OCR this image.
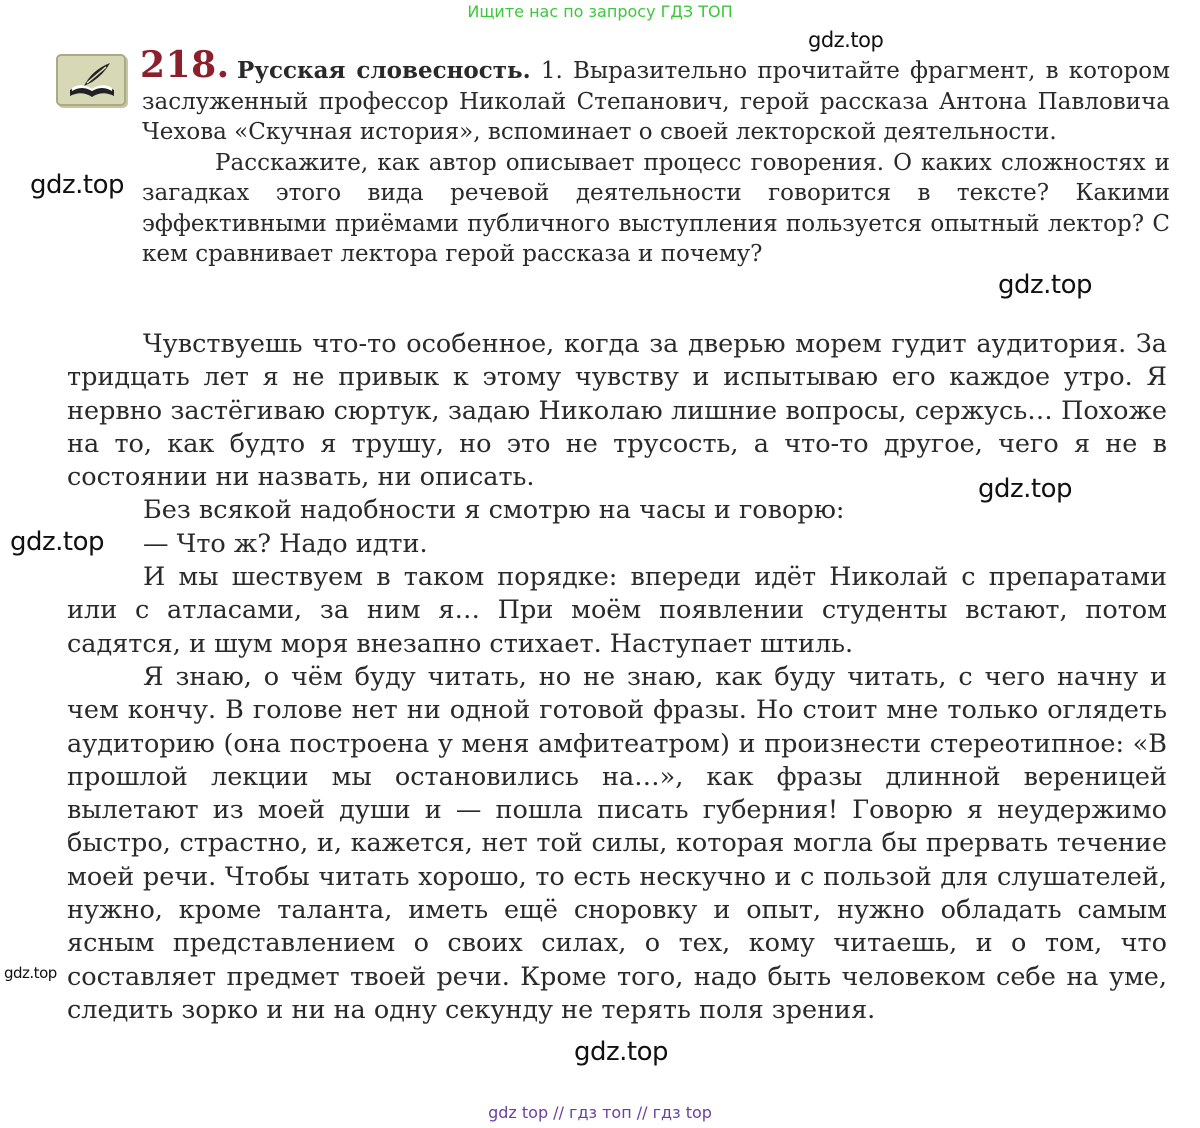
Ищите нас по запросу ГДЗ ТОП
218. Русская словесность. 1. Выразительно прочитайте фрагмент, в котором заслуженный профессор Николай Степанович, герой рассказа Антона Павловича Чехова «Скучная история», вспоминает о своей лекторской деятельности.

Расскажите, как автор описывает процесс говорения. О каких сложностях и загадках этого вида речевой деятельности говорится в тексте? Какими эффективными приёмами публичного выступления пользуется опытный лектор? С кем сравнивает лектора герой рассказа и почему?

Чувствуешь что-то особенное, когда за дверью морем гудит аудитория. За тридцать лет я не привык к этому чувству и испытываю его каждое утро. Я нервно застёгиваю сюртук, задаю Николаю лишние вопросы, сержусь… Похоже на то, как будто я трушу, но это не трусость, а что-то другое, чего я не в состоянии ни назвать, ни описать.

Без всякой надобности я смотрю на часы и говорю:

— Что ж? Надо идти.

И мы шествуем в таком порядке: впереди идёт Николай с препаратами или с атласами, за ним я… При моём появлении студенты встают, потом садятся, и шум моря внезапно стихает. Наступает штиль.

Я знаю, о чём буду читать, но не знаю, как буду читать, с чего начну и чем кончу. В голове нет ни одной готовой фразы. Но стоит мне только оглядеть аудиторию (она построена у меня амфитеатром) и произнести стереотипное: «В прошлой лекции мы остановились на…», как фразы длинной вереницей вылетают из моей души и — пошла писать губерния! Говорю я неудержимо быстро, страстно, и, кажется, нет той силы, которая могла бы прервать течение моей речи. Чтобы читать хорошо, то есть нескучно и с пользой для слушателей, нужно, кроме таланта, иметь ещё сноровку и опыт, нужно обладать самым ясным представлением о своих силах, о тех, кому читаешь, и о том, что составляет предмет твоей речи. Кроме того, надо быть человеком себе на уме, следить зорко и ни на одну секунду не терять поля зрения.

gdz.top
gdz.top
gdz.top
gdz.top
gdz.top
gdz.top
gdz.top
gdz top // гдз топ // гдз top
